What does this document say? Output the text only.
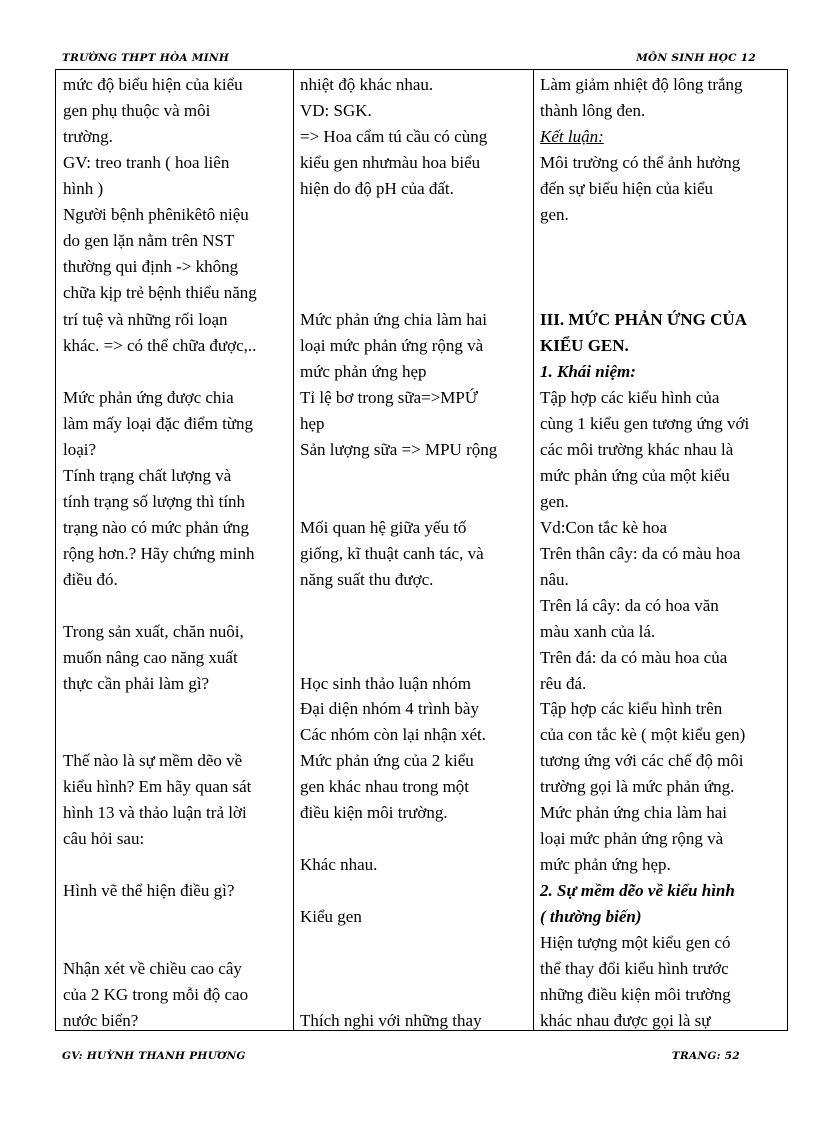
TRƯỜNG THPT HÒA MINH	MÔN SINH HỌC 12
mức độ biểu hiện của kiểu
gen phụ thuộc và môi
trường.
GV: treo tranh ( hoa liên
hình )
Người bệnh phênikêtô niệu
do gen lặn nằm trên NST
thường qui định -> không
chữa kịp trẻ bệnh thiểu năng
trí tuệ và những rối loạn
khác. => có thể chữa được,..
Mức phản ứng được chia
làm mấy loại đặc điểm từng
loại?
Tính trạng chất lượng và
tính trạng số lượng thì tính
trạng nào có mức phản ứng
rộng hơn.? Hãy chứng minh
điều đó.
Trong sản xuất, chăn nuôi,
muốn nâng cao năng xuất
thực cần phải làm gì?
Thế nào là sự mềm dẽo về
kiểu hình? Em hãy quan sát
hình 13 và thảo luận trả lời
câu hỏi sau:
Hình vẽ thể hiện điều gì?
Nhận xét về chiều cao cây
của 2 KG trong mỗi độ cao
nước biển?
nhiệt độ khác nhau.
VD: SGK.
=> Hoa cẩm tú cầu có cùng
kiểu gen nhưmàu hoa biểu
hiện do độ pH của đất.
Mức phản ứng chia làm hai
loại mức phản ứng rộng và
mức phản ứng hẹp
Tỉ lệ bơ trong sữa=>MPỨ
hẹp
Sản lượng sữa => MPU rộng
Mối quan hệ giữa yếu tố
giống, kĩ thuật canh tác, và
năng suất thu được.
Học sinh thảo luận nhóm
Đại diện nhóm 4 trình bày
Các nhóm còn lại nhận xét.
Mức phản ứng của 2 kiểu
gen khác nhau trong một
điều kiện môi trường.
Khác nhau.
Kiểu gen
Thích nghi với những thay
Làm giảm nhiệt độ lông trắng
thành lông đen.
Kết luận:
Môi trường có thể ảnh hưởng
đến sự biểu hiện của kiểu
gen.
III. MỨC PHẢN ỨNG CỦA
KIỂU GEN.
1. Khái niệm:
Tập hợp các kiểu hình của
cùng 1 kiểu gen tương ứng với
các môi trường khác nhau là
mức phản ứng của một kiểu
gen.
Vd:Con tắc kè hoa
Trên thân cây: da có màu hoa
nâu.
Trên lá cây: da có hoa văn
màu xanh của lá.
Trên đá: da có màu hoa của
rêu đá.
Tập hợp các kiểu hình trên
của con tắc kè ( một kiểu gen)
tương ứng với các chế độ môi
trường gọi là mức phản ứng.
Mức phản ứng chia làm hai
loại mức phản ứng rộng và
mức phản ứng hẹp.
2. Sự mềm dẽo về kiểu hình
( thường biến)
Hiện tượng một kiểu gen có
thể thay đổi kiểu hình trước
những điều kiện môi trường
khác nhau được gọi là sự
GV: HUỲNH THANH PHƯƠNG	TRANG: 52
